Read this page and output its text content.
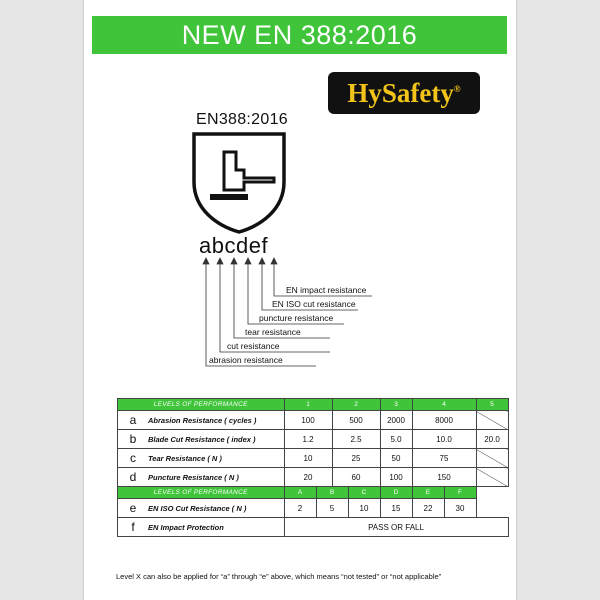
NEW EN 388:2016
HySafety®
EN388:2016
abcdef
EN impact resistance
EN ISO cut resistance
puncture resistance
tear resistance
cut resistance
abrasion resistance
LEVELS OF PERFORMANCE		1		2		3	4		5
a	Abrasion Resistance ( cycles )	100		500		2000	8000		
b	Blade Cut Resistance ( index )	1.2		2.5		5.0	10.0		20.0
c	Tear Resistance ( N )	10		25		50	75		
d	Puncture Resistance ( N )	20		60		100	150		
LEVELS OF PERFORMANCE		A	B		C	D	E	F	
e	EN ISO Cut Resistance ( N )	2	5		10	15	22	30	
f	EN Impact Protection	PASS OR FALL							
Level X can also be applied for “a” through “e” above, which means “not tested” or “not applicable”
